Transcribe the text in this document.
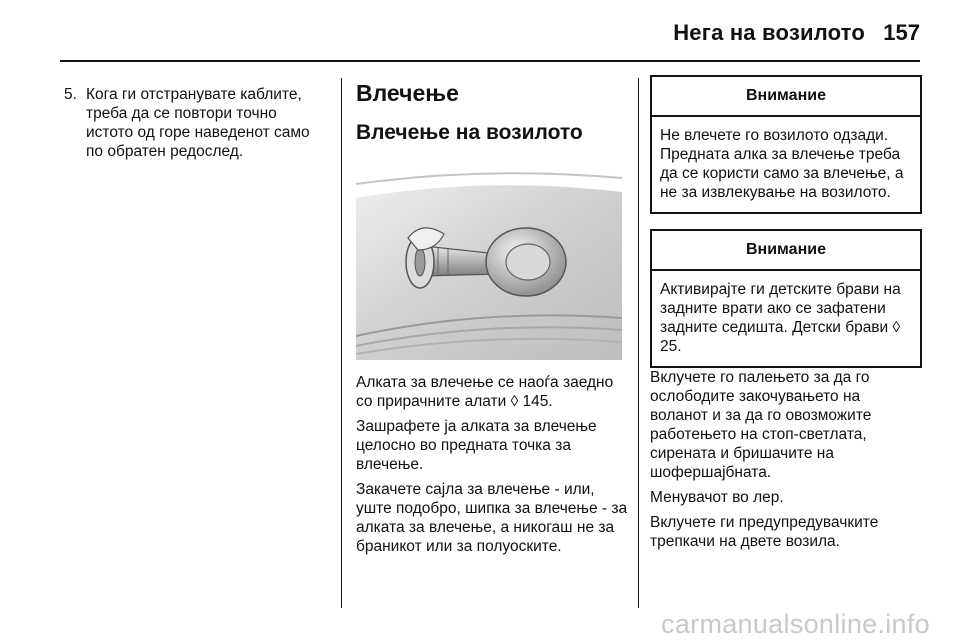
Нега на возилото 157
5. Кога ги отстранувате каблите, треба да се повтори точно истото од горе наведенот само по обратен редослед.
Влечење
Влечење на возилото

Алката за влечење се наоѓа заедно со прирачните алати ◊ 145.

Зашрафете ја алката за влечење целосно во предната точка за влечење.

Закачете сајла за влечење - или, уште подобро, шипка за влечење - за алката за влечење, а никогаш не за браникот или за полуоските.

Внимание
Не влечете го возилото одзади. Предната алка за влечење треба да се користи само за влечење, а не за извлекување на возилото.
Внимание
Активирајте ги детските брави на задните врати ако се зафатени задните седишта. Детски брави ◊ 25.

Вклучете го палењето за да го ослободите закочувањето на воланот и за да го овозможите работењето на стоп-светлата, сирената и бришачите на шофершајбната.

Менувачот во лер.

Вклучете ги предупредувачките трепкачи на двете возила.

carmanualsonline.info
